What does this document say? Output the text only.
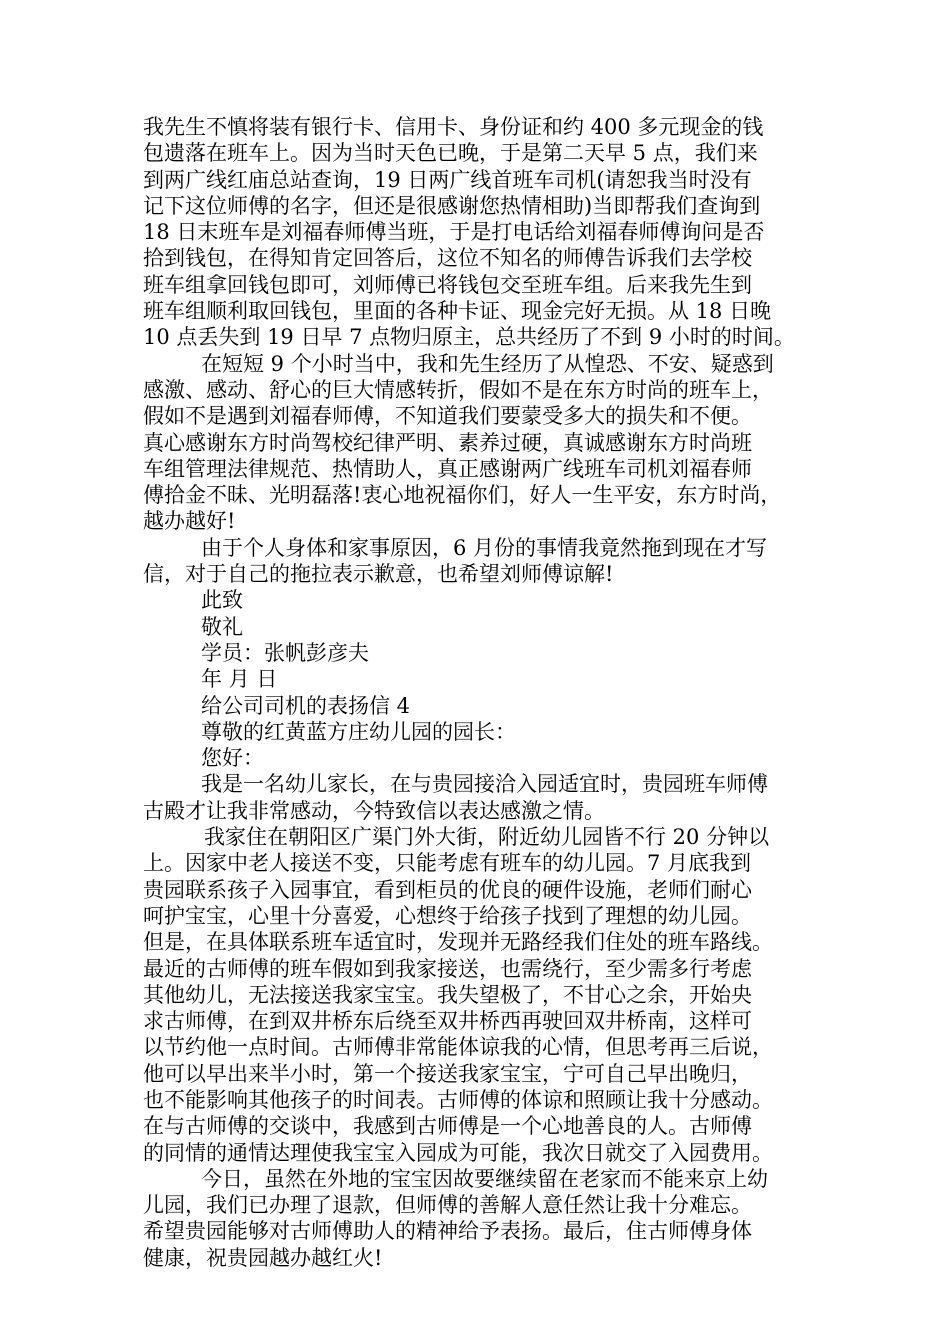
我先生不慎将装有银行卡、信用卡、身份证和约 400 多元现金的钱
包遗落在班车上。因为当时天色已晚，于是第二天早 5 点，我们来
到两广线红庙总站查询，19 日两广线首班车司机(请恕我当时没有
记下这位师傅的名字，但还是很感谢您热情相助)当即帮我们查询到
18 日末班车是刘福春师傅当班，于是打电话给刘福春师傅询问是否
拾到钱包，在得知肯定回答后，这位不知名的师傅告诉我们去学校
班车组拿回钱包即可，刘师傅已将钱包交至班车组。后来我先生到
班车组顺利取回钱包，里面的各种卡证、现金完好无损。从 18 日晚
10 点丢失到 19 日早 7 点物归原主，总共经历了不到 9 小时的时间。
在短短 9 个小时当中，我和先生经历了从惶恐、不安、疑惑到
感激、感动、舒心的巨大情感转折，假如不是在东方时尚的班车上，
假如不是遇到刘福春师傅，不知道我们要蒙受多大的损失和不便。
真心感谢东方时尚驾校纪律严明、素养过硬，真诚感谢东方时尚班
车组管理法律规范、热情助人，真正感谢两广线班车司机刘福春师
傅拾金不昧、光明磊落!衷心地祝福你们，好人一生平安，东方时尚，
越办越好!
由于个人身体和家事原因，6 月份的事情我竟然拖到现在才写
信，对于自己的拖拉表示歉意，也希望刘师傅谅解!
此致
敬礼
学员：张帆彭彦夫
年 月 日
给公司司机的表扬信 4
尊敬的红黄蓝方庄幼儿园的园长：
您好：
我是一名幼儿家长，在与贵园接洽入园适宜时，贵园班车师傅
古殿才让我非常感动，今特致信以表达感激之情。
我家住在朝阳区广渠门外大街，附近幼儿园皆不行 20 分钟以
上。因家中老人接送不变，只能考虑有班车的幼儿园。7 月底我到
贵园联系孩子入园事宜，看到柜员的优良的硬件设施，老师们耐心
呵护宝宝，心里十分喜爱，心想终于给孩子找到了理想的幼儿园。
但是，在具体联系班车适宜时，发现并无路经我们住处的班车路线。
最近的古师傅的班车假如到我家接送，也需绕行，至少需多行考虑
其他幼儿，无法接送我家宝宝。我失望极了，不甘心之余，开始央
求古师傅，在到双井桥东后绕至双井桥西再驶回双井桥南，这样可
以节约他一点时间。古师傅非常能体谅我的心情，但思考再三后说，
他可以早出来半小时，第一个接送我家宝宝，宁可自己早出晚归，
也不能影响其他孩子的时间表。古师傅的体谅和照顾让我十分感动。
在与古师傅的交谈中，我感到古师傅是一个心地善良的人。古师傅
的同情的通情达理使我宝宝入园成为可能，我次日就交了入园费用。
今日，虽然在外地的宝宝因故要继续留在老家而不能来京上幼
儿园，我们已办理了退款，但师傅的善解人意任然让我十分难忘。
希望贵园能够对古师傅助人的精神给予表扬。最后，住古师傅身体
健康，祝贵园越办越红火!
